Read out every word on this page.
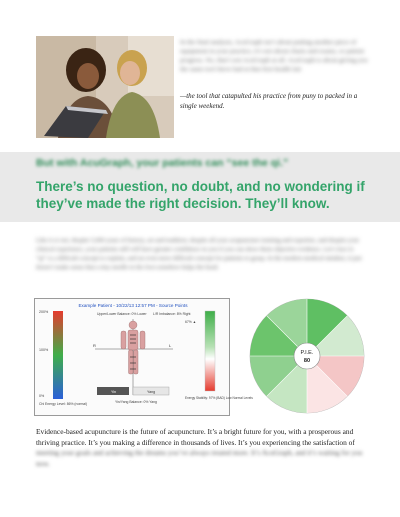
In the final analysis, AcuGraph isn’t about putting another piece of equipment in your practice, it’s not about charts and exams, or patient progress. No, that’s not AcuGraph at all. AcuGraph is about giving you the same tool Steve had at that first health fair
—the tool that catapulted his practice from puny to packed in a single weekend.
But with AcuGraph, your patients can “see the qi.”
There’s no question, no doubt, and no wondering if they’ve made the right decision. They’ll know.
Like it or not, despite 5,000 years of history, art and tradition, despite all your acupuncture training and expertise, and despite your clinical experience, your patients still will have greater confidence in you if you can show them objective evidence. Let’s face it: “qi” is a difficult concept to explain, and an even more difficult concept for patients to grasp. In the modern medical mindset, it just doesn’t make sense that a tiny needle in the foot somehow helps the head.
Example Patient - 10/22/13 12:57 PM - Source Points
200%
100%
0%
Chi Energy Level: 86% (normal)
Upper/Lower Balance: 0% Lower L/R Imbalance: 8% Right
R	L
Yin	Yang
Yin/Yang Balance: 0% Yang
67% ▲
Energy Stability: 97% (BAD) Low Normal Levels
P.I.E.
80
Evidence-based acupuncture is the future of acupuncture. It’s a bright future for you, with a prosperous and thriving practice. It’s you making a difference in thousands of lives. It’s you experiencing the satisfaction of
meeting your goals and achieving the dreams you’ve always treated more. It’s AcuGraph, and it’s waiting for you now.
